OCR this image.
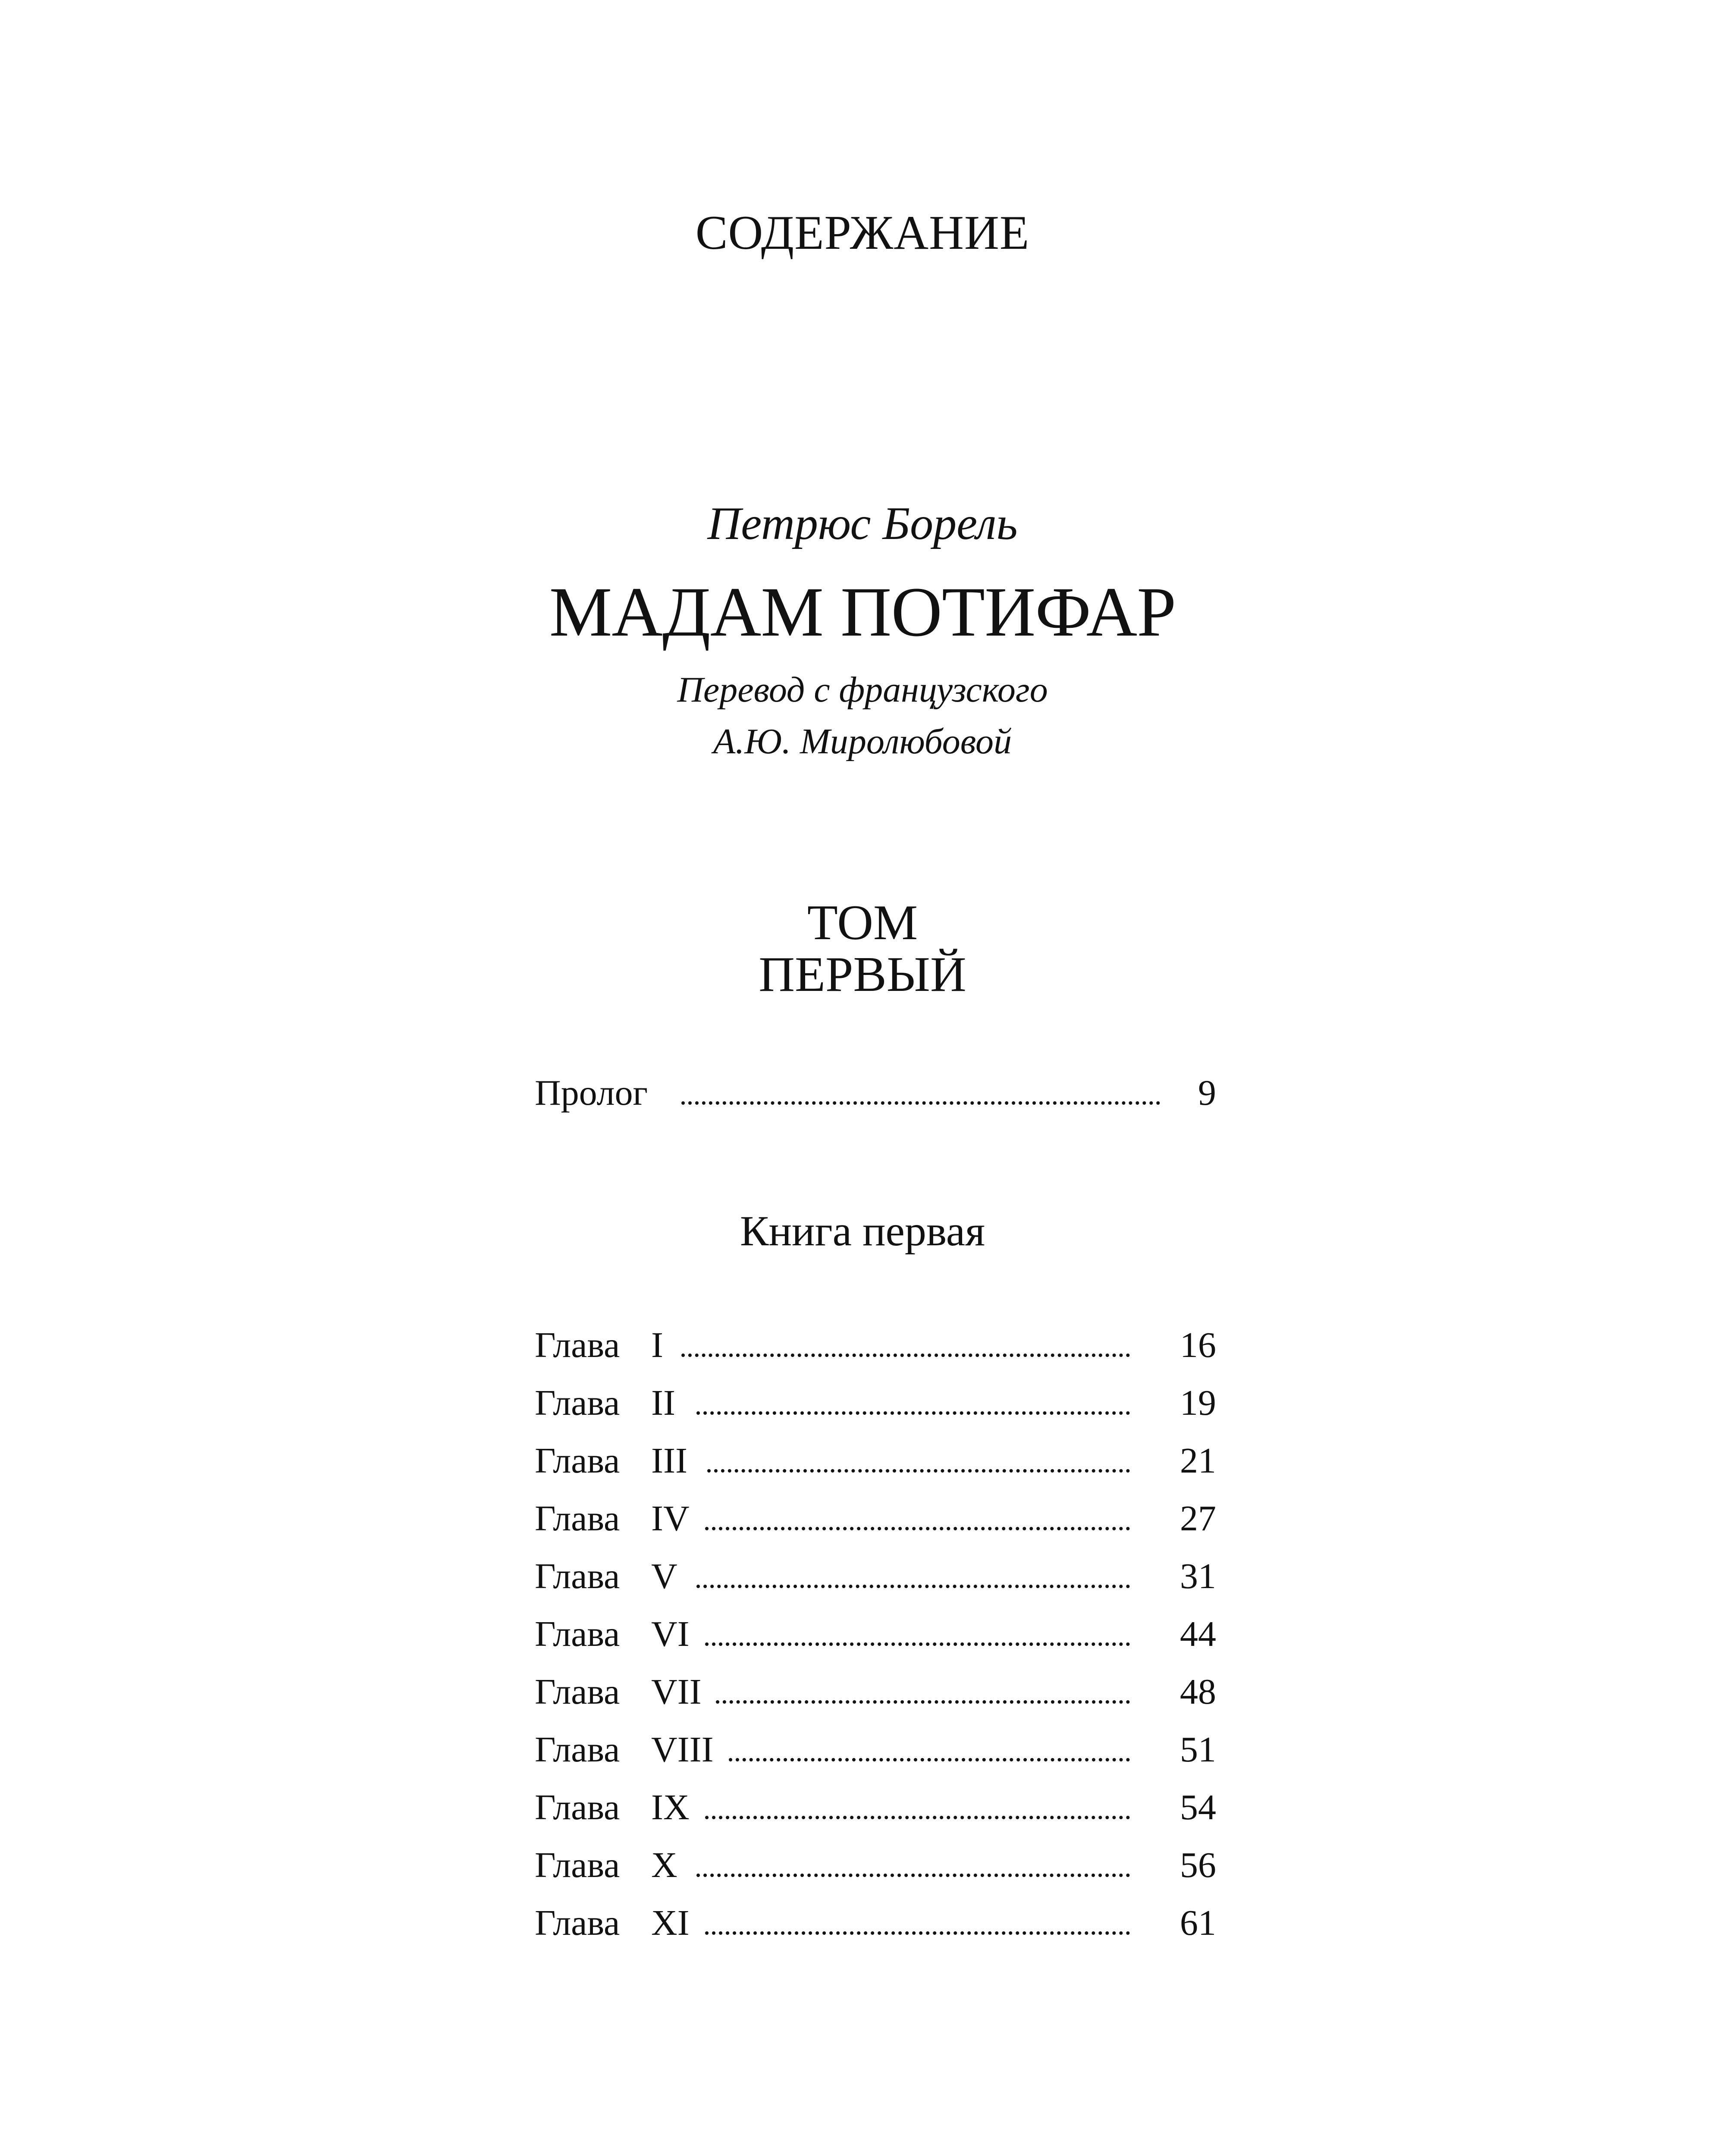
СОДЕРЖАНИЕ
Петрюс Борель
МАДАМ ПОТИФАР
Перевод с французского
А.Ю. Миролюбовой
ТОМ
ПЕРВЫЙ
Пролог	9
Книга первая
Глава I	16
Глава II	19
Глава III	21
Глава IV	27
Глава V	31
Глава VI	44
Глава VII	48
Глава VIII	51
Глава IX	54
Глава X	56
Глава XI	61
